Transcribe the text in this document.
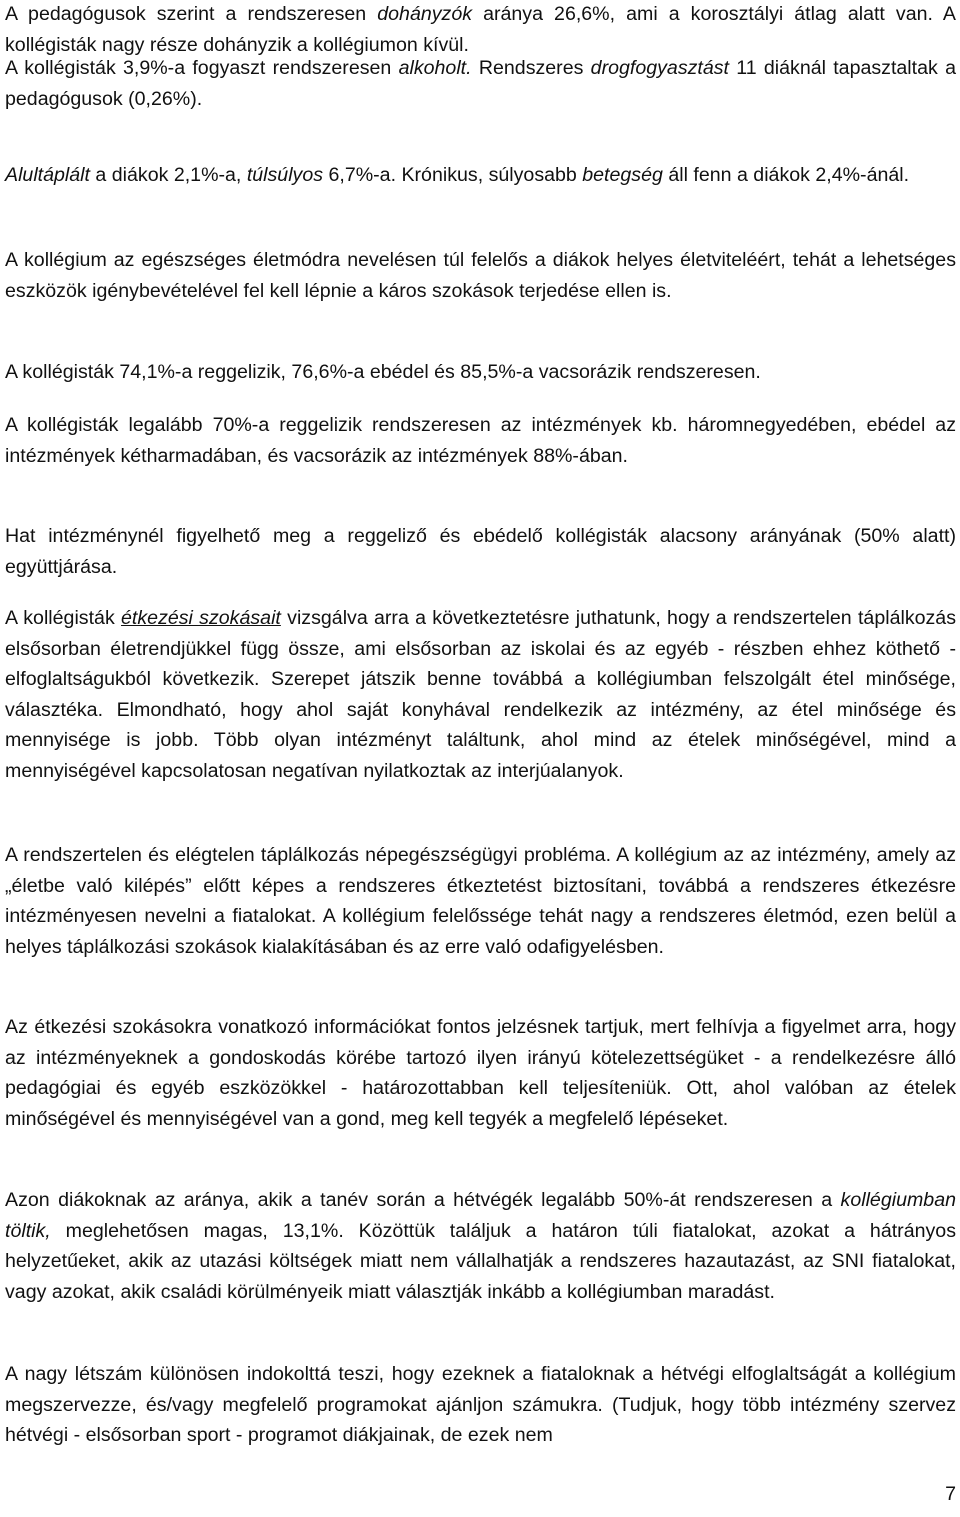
A pedagógusok szerint a rendszeresen dohányzók aránya 26,6%, ami a korosztályi átlag alatt van. A kollégisták nagy része dohányzik a kollégiumon kívül.

A kollégisták 3,9%-a fogyaszt rendszeresen alkoholt. Rendszeres drogfogyasztást 11 diáknál tapasztaltak a pedagógusok (0,26%).

Alultáplált a diákok 2,1%-a, túlsúlyos 6,7%-a. Krónikus, súlyosabb betegség áll fenn a diákok 2,4%-ánál.

A kollégium az egészséges életmódra nevelésen túl felelős a diákok helyes életviteléért, tehát a lehetséges eszközök igénybevételével fel kell lépnie a káros szokások terjedése ellen is.

A kollégisták 74,1%-a reggelizik, 76,6%-a ebédel és 85,5%-a vacsorázik rendszeresen.

A kollégisták legalább 70%-a reggelizik rendszeresen az intézmények kb. háromnegyedében, ebédel az intézmények kétharmadában, és vacsorázik az intézmények 88%-ában.

Hat intézménynél figyelhető meg a reggeliző és ebédelő kollégisták alacsony arányának (50% alatt) együttjárása.

A kollégisták étkezési szokásait vizsgálva arra a következtetésre juthatunk, hogy a rendszertelen táplálkozás elsősorban életrendjükkel függ össze, ami elsősorban az iskolai és az egyéb - részben ehhez köthető - elfoglaltságukból következik. Szerepet játszik benne továbbá a kollégiumban felszolgált étel minősége, választéka. Elmondható, hogy ahol saját konyhával rendelkezik az intézmény, az étel minősége és mennyisége is jobb. Több olyan intézményt találtunk, ahol mind az ételek minőségével, mind a mennyiségével kapcsolatosan negatívan nyilatkoztak az interjúalanyok.

A rendszertelen és elégtelen táplálkozás népegészségügyi probléma. A kollégium az az intézmény, amely az „életbe való kilépés” előtt képes a rendszeres étkeztetést biztosítani, továbbá a rendszeres étkezésre intézményesen nevelni a fiatalokat. A kollégium felelőssége tehát nagy a rendszeres életmód, ezen belül a helyes táplálkozási szokások kialakításában és az erre való odafigyelésben.

Az étkezési szokásokra vonatkozó információkat fontos jelzésnek tartjuk, mert felhívja a figyelmet arra, hogy az intézményeknek a gondoskodás körébe tartozó ilyen irányú kötelezettségüket - a rendelkezésre álló pedagógiai és egyéb eszközökkel - határozottabban kell teljesíteniük. Ott, ahol valóban az ételek minőségével és mennyiségével van a gond, meg kell tegyék a megfelelő lépéseket.

Azon diákoknak az aránya, akik a tanév során a hétvégék legalább 50%-át rendszeresen a kollégiumban töltik, meglehetősen magas, 13,1%. Közöttük találjuk a határon túli fiatalokat, azokat a hátrányos helyzetűeket, akik az utazási költségek miatt nem vállalhatják a rendszeres hazautazást, az SNI fiatalokat, vagy azokat, akik családi körülményeik miatt választják inkább a kollégiumban maradást.

A nagy létszám különösen indokolttá teszi, hogy ezeknek a fiataloknak a hétvégi elfoglaltságát a kollégium megszervezze, és/vagy megfelelő programokat ajánljon számukra. (Tudjuk, hogy több intézmény szervez hétvégi - elsősorban sport - programot diákjainak, de ezek nem

7
